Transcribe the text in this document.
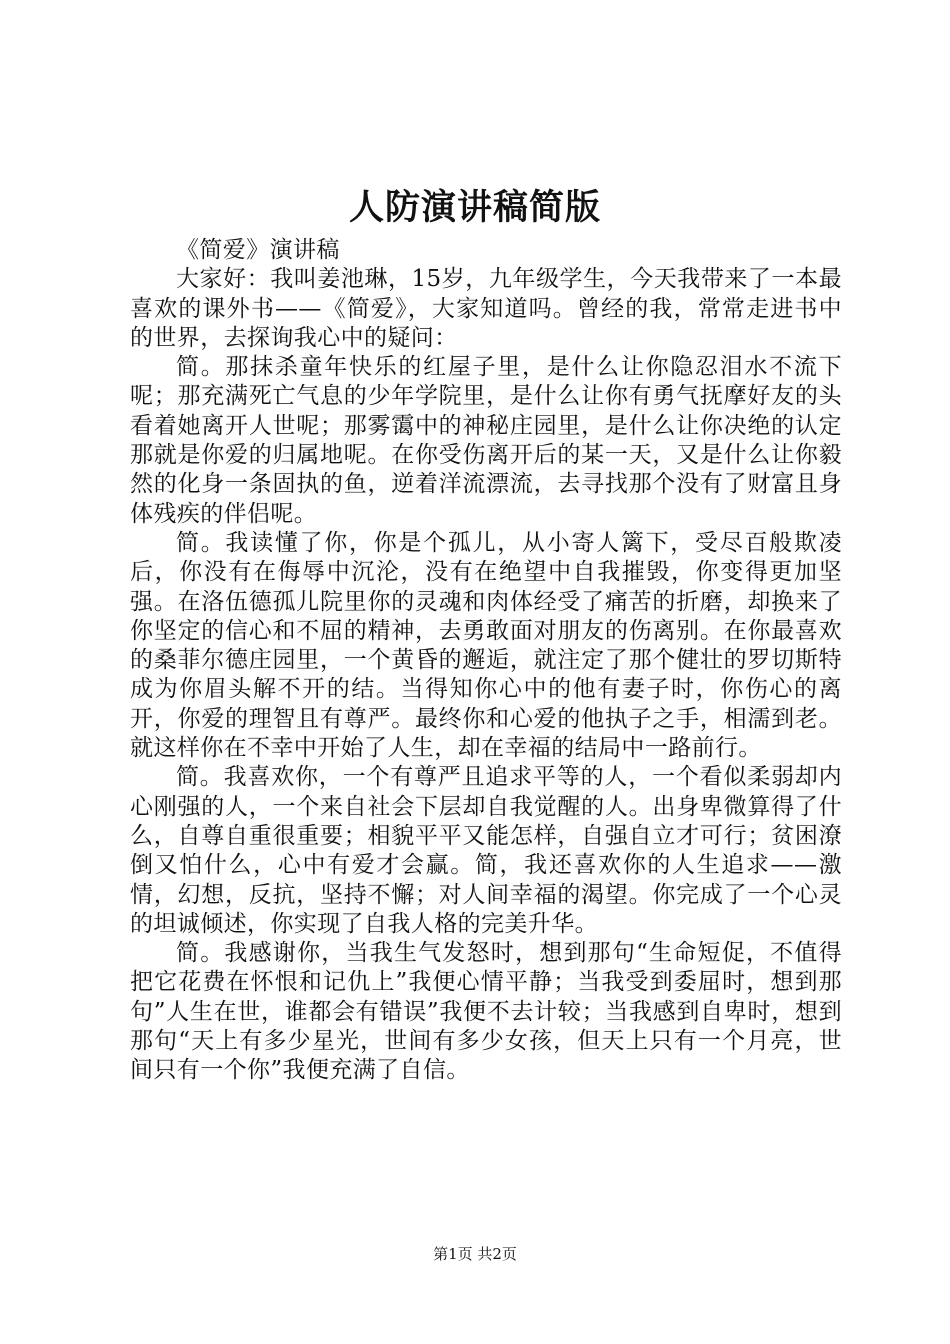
人防演讲稿简版

《简爱》演讲稿

大家好：我叫姜池琳，15岁，九年级学生，今天我带来了一本最喜欢的课外书——《简爱》，大家知道吗。曾经的我，常常走进书中的世界，去探询我心中的疑问：

简。那抹杀童年快乐的红屋子里，是什么让你隐忍泪水不流下呢；那充满死亡气息的少年学院里，是什么让你有勇气抚摩好友的头看着她离开人世呢；那雾霭中的神秘庄园里，是什么让你决绝的认定那就是你爱的归属地呢。在你受伤离开后的某一天，又是什么让你毅然的化身一条固执的鱼，逆着洋流漂流，去寻找那个没有了财富且身体残疾的伴侣呢。

简。我读懂了你，你是个孤儿，从小寄人篱下，受尽百般欺凌后，你没有在侮辱中沉沦，没有在绝望中自我摧毁，你变得更加坚强。在洛伍德孤儿院里你的灵魂和肉体经受了痛苦的折磨，却换来了你坚定的信心和不屈的精神，去勇敢面对朋友的伤离别。在你最喜欢的桑菲尔德庄园里，一个黄昏的邂逅，就注定了那个健壮的罗切斯特成为你眉头解不开的结。当得知你心中的他有妻子时，你伤心的离开，你爱的理智且有尊严。最终你和心爱的他执子之手，相濡到老。就这样你在不幸中开始了人生，却在幸福的结局中一路前行。

简。我喜欢你，一个有尊严且追求平等的人，一个看似柔弱却内心刚强的人，一个来自社会下层却自我觉醒的人。出身卑微算得了什么，自尊自重很重要；相貌平平又能怎样，自强自立才可行；贫困潦倒又怕什么，心中有爱才会赢。简，我还喜欢你的人生追求——激情，幻想，反抗，坚持不懈；对人间幸福的渴望。你完成了一个心灵的坦诚倾述，你实现了自我人格的完美升华。

简。我感谢你，当我生气发怒时，想到那句“生命短促，不值得把它花费在怀恨和记仇上”我便心情平静；当我受到委屈时，想到那句”人生在世，谁都会有错误”我便不去计较；当我感到自卑时，想到那句“天上有多少星光，世间有多少女孩，但天上只有一个月亮，世间只有一个你”我便充满了自信。

第1页 共2页
